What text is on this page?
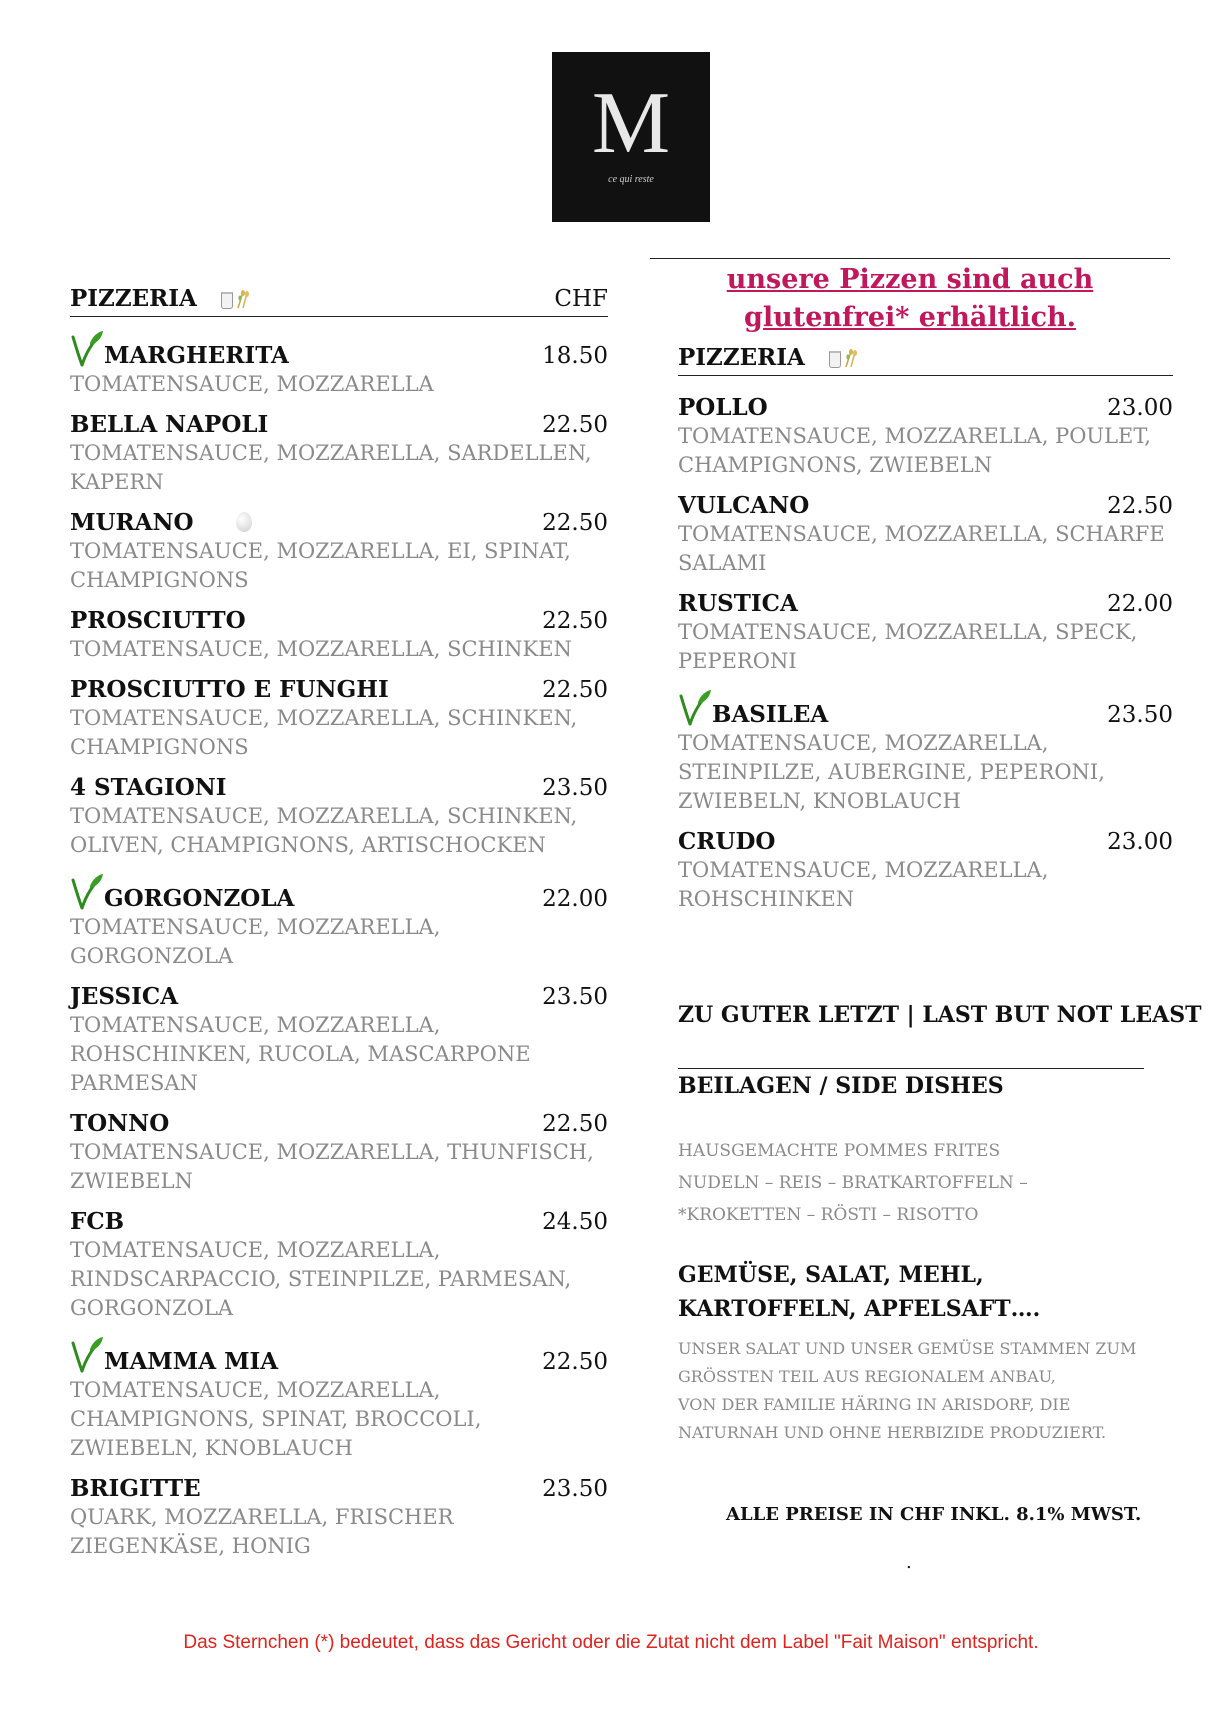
M
ce qui reste
PIZZERIA	CHF
MARGHERITA	18.50
TOMATENSAUCE, MOZZARELLA
BELLA NAPOLI	22.50
TOMATENSAUCE, MOZZARELLA, SARDELLEN, KAPERN
MURANO	22.50
TOMATENSAUCE, MOZZARELLA, EI, SPINAT, CHAMPIGNONS
PROSCIUTTO	22.50
TOMATENSAUCE, MOZZARELLA, SCHINKEN
PROSCIUTTO E FUNGHI	22.50
TOMATENSAUCE, MOZZARELLA, SCHINKEN, CHAMPIGNONS
4 STAGIONI	23.50
TOMATENSAUCE, MOZZARELLA, SCHINKEN, OLIVEN, CHAMPIGNONS, ARTISCHOCKEN
GORGONZOLA	22.00
TOMATENSAUCE, MOZZARELLA, GORGONZOLA
JESSICA	23.50
TOMATENSAUCE, MOZZARELLA, ROHSCHINKEN, RUCOLA, MASCARPONE PARMESAN
TONNO	22.50
TOMATENSAUCE, MOZZARELLA, THUNFISCH, ZWIEBELN
FCB	24.50
TOMATENSAUCE, MOZZARELLA, RINDSCARPACCIO, STEINPILZE, PARMESAN, GORGONZOLA
MAMMA MIA	22.50
TOMATENSAUCE, MOZZARELLA, CHAMPIGNONS, SPINAT, BROCCOLI, ZWIEBELN, KNOBLAUCH
BRIGITTE	23.50
QUARK, MOZZARELLA, FRISCHER ZIEGENKÄSE, HONIG
unsere Pizzen sind auch glutenfrei* erhältlich.
PIZZERIA
POLLO	23.00
TOMATENSAUCE, MOZZARELLA, POULET, CHAMPIGNONS, ZWIEBELN
VULCANO	22.50
TOMATENSAUCE, MOZZARELLA, SCHARFE SALAMI
RUSTICA	22.00
TOMATENSAUCE, MOZZARELLA, SPECK, PEPERONI
BASILEA	23.50
TOMATENSAUCE, MOZZARELLA, STEINPILZE, AUBERGINE, PEPERONI, ZWIEBELN, KNOBLAUCH
CRUDO	23.00
TOMATENSAUCE, MOZZARELLA, ROHSCHINKEN
ZU GUTER LETZT | LAST BUT NOT LEAST
BEILAGEN / SIDE DISHES
HAUSGEMACHTE POMMES FRITES
NUDELN – REIS – BRATKARTOFFELN –
*KROKETTEN – RÖSTI – RISOTTO
GEMÜSE, SALAT, MEHL, KARTOFFELN, APFELSAFT….
UNSER SALAT UND UNSER GEMÜSE STAMMEN ZUM
GRÖSSTEN TEIL AUS REGIONALEM ANBAU,
VON DER FAMILIE HÄRING IN ARISDORF, DIE
NATURNAH UND OHNE HERBIZIDE PRODUZIERT.
ALLE PREISE IN CHF INKL. 8.1% MWST.
.
Das Sternchen (*) bedeutet, dass das Gericht oder die Zutat nicht dem Label "Fait Maison" entspricht.
